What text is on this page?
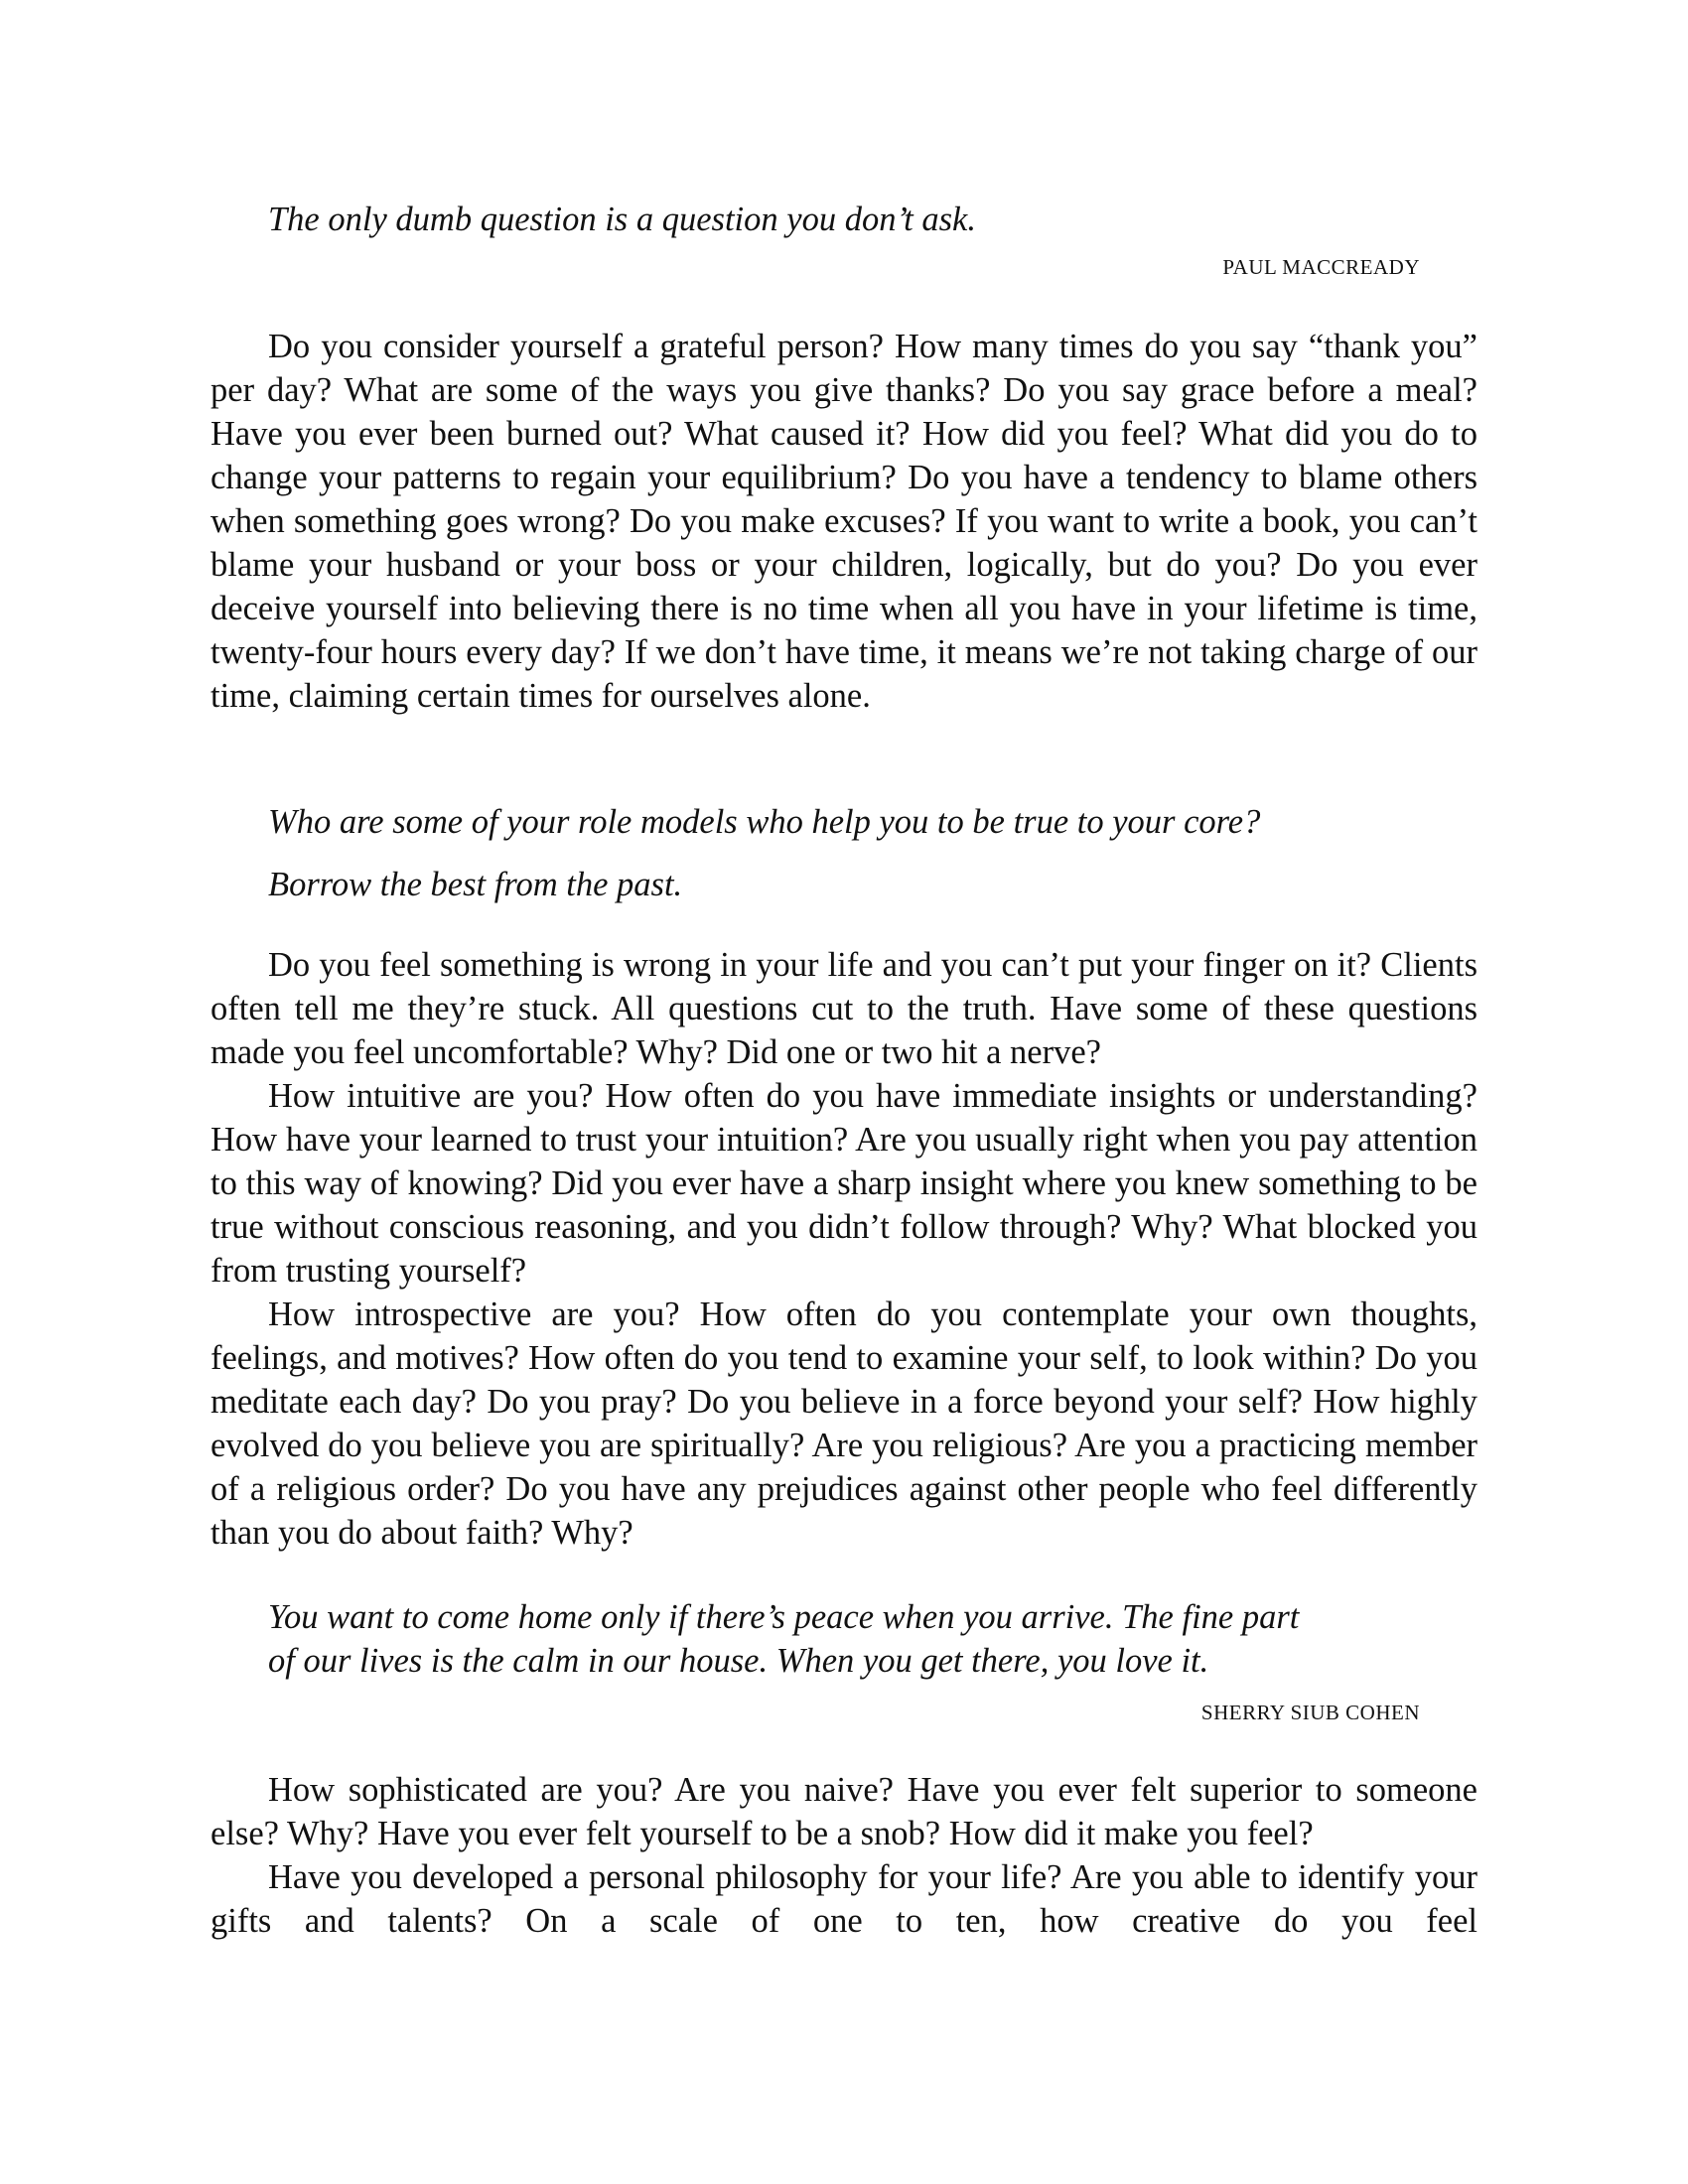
The only dumb question is a question you don’t ask.

PAUL MACCREADY

Do you consider yourself a grateful person? How many times do you say “thank you” per day? What are some of the ways you give thanks? Do you say grace before a meal? Have you ever been burned out? What caused it? How did you feel? What did you do to change your patterns to regain your equilibrium? Do you have a tendency to blame others when something goes wrong? Do you make excuses? If you want to write a book, you can’t blame your husband or your boss or your children, logically, but do you? Do you ever deceive yourself into believing there is no time when all you have in your lifetime is time, twenty-four hours every day? If we don’t have time, it means we’re not taking charge of our time, claiming certain times for ourselves alone.

Who are some of your role models who help you to be true to your core?

Borrow the best from the past.

Do you feel something is wrong in your life and you can’t put your finger on it? Clients often tell me they’re stuck. All questions cut to the truth. Have some of these questions made you feel uncomfortable? Why? Did one or two hit a nerve?

How intuitive are you? How often do you have immediate insights or understanding? How have your learned to trust your intuition? Are you usually right when you pay attention to this way of knowing? Did you ever have a sharp insight where you knew something to be true without conscious reasoning, and you didn’t follow through? Why? What blocked you from trusting yourself?

How introspective are you? How often do you contemplate your own thoughts, feelings, and motives? How often do you tend to examine your self, to look within? Do you meditate each day? Do you pray? Do you believe in a force beyond your self? How highly evolved do you believe you are spiritually? Are you religious? Are you a practicing member of a religious order? Do you have any prejudices against other people who feel differently than you do about faith? Why?

You want to come home only if there’s peace when you arrive. The fine part

of our lives is the calm in our house. When you get there, you love it.

SHERRY SIUB COHEN

How sophisticated are you? Are you naive? Have you ever felt superior to someone else? Why? Have you ever felt yourself to be a snob? How did it make you feel?

Have you developed a personal philosophy for your life? Are you able to identify your gifts and talents? On a scale of one to ten, how creative do you feel
